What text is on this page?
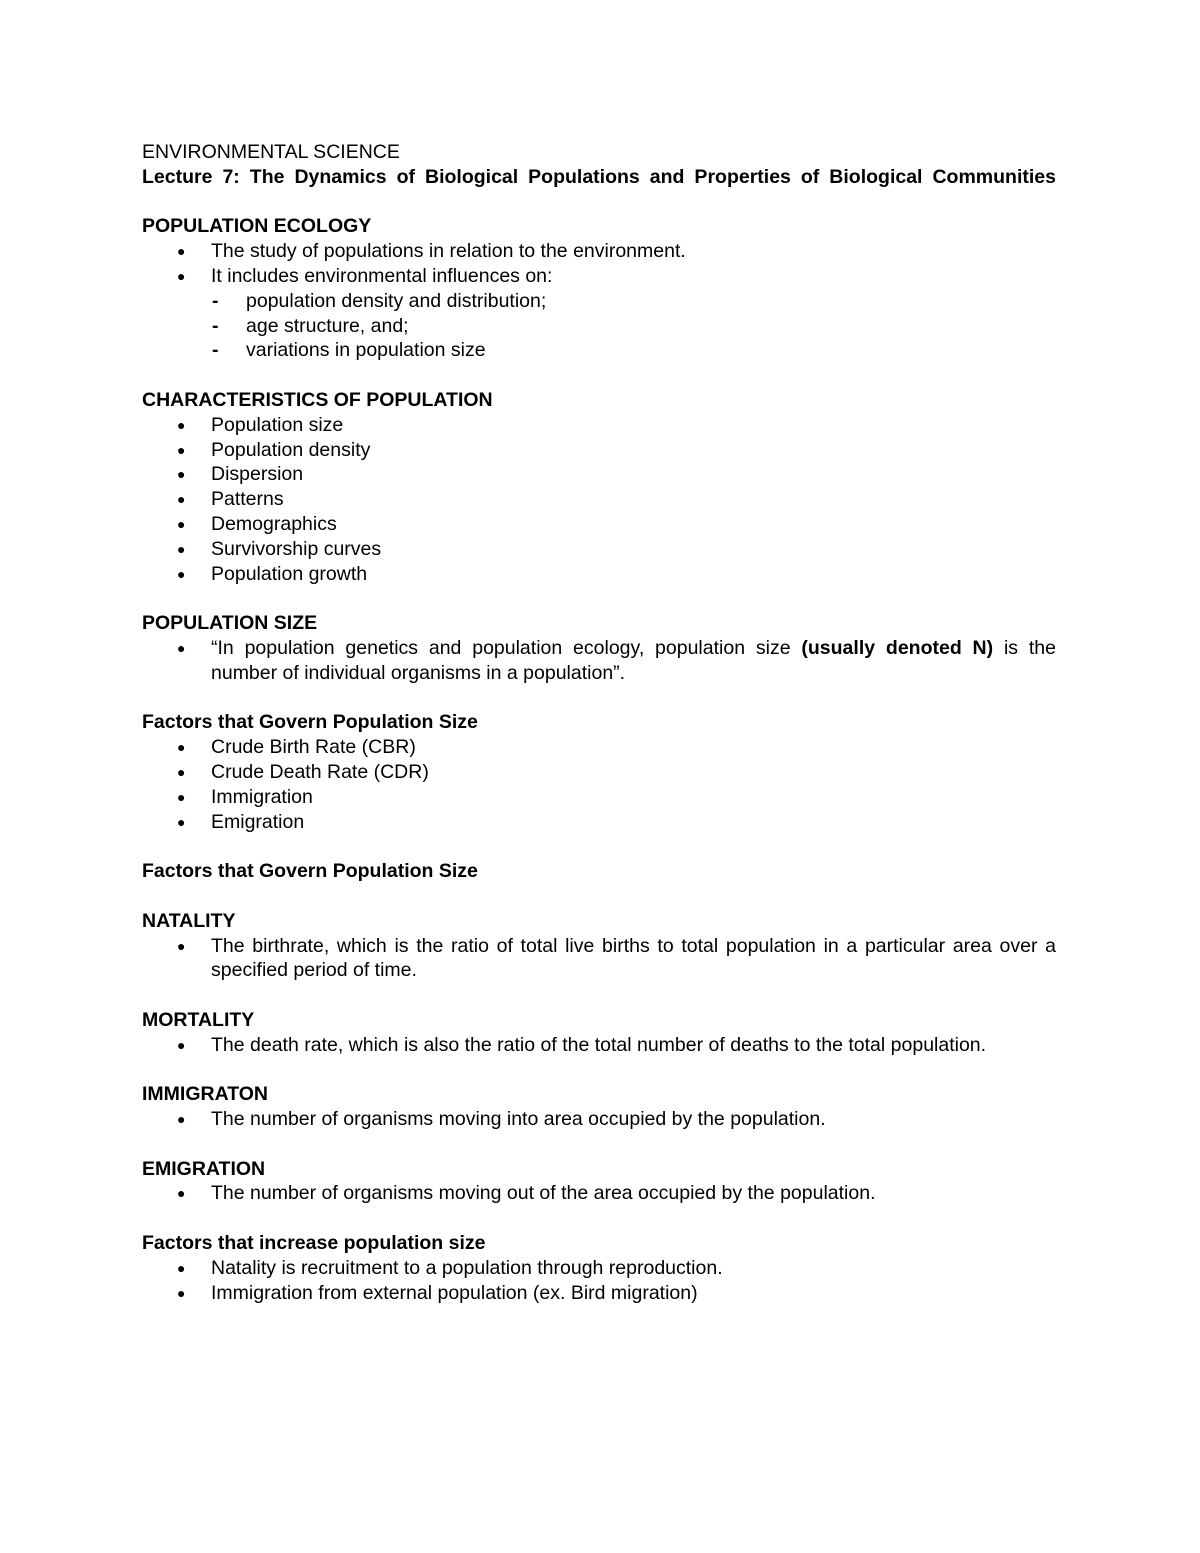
ENVIRONMENTAL SCIENCE

Lecture 7: The Dynamics of Biological Populations and Properties of Biological Communities

POPULATION ECOLOGY

● The study of populations in relation to the environment.
● It includes environmental influences on:
- population density and distribution;
- age structure, and;
- variations in population size

CHARACTERISTICS OF POPULATION

● Population size
● Population density
● Dispersion
● Patterns
● Demographics
● Survivorship curves
● Population growth

POPULATION SIZE

● “In population genetics and population ecology, population size (usually denoted N) is the number of individual organisms in a population”.

Factors that Govern Population Size

● Crude Birth Rate (CBR)
● Crude Death Rate (CDR)
● Immigration
● Emigration

Factors that Govern Population Size

NATALITY

● The birthrate, which is the ratio of total live births to total population in a particular area over a specified period of time.

MORTALITY

● The death rate, which is also the ratio of the total number of deaths to the total population.

IMMIGRATON

● The number of organisms moving into area occupied by the population.

EMIGRATION

● The number of organisms moving out of the area occupied by the population.

Factors that increase population size

● Natality is recruitment to a population through reproduction.
● Immigration from external population (ex. Bird migration)
